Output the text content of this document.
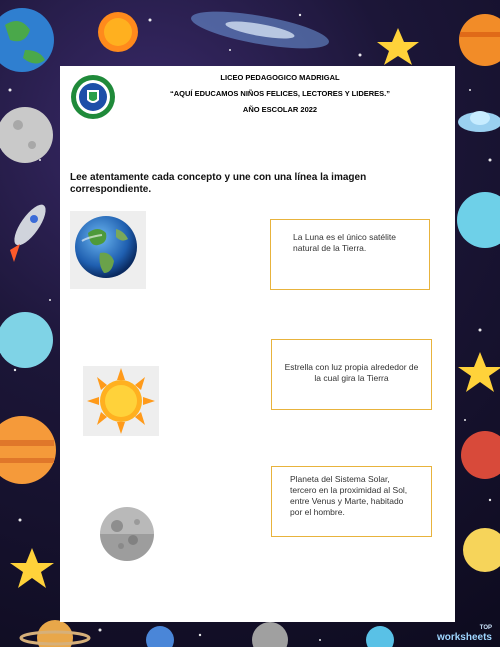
LICEO PEDAGOGICO MADRIGAL
“AQUÍ EDUCAMOS NIÑOS FELICES, LECTORES Y LIDERES.”
AÑO ESCOLAR 2022
Lee atentamente cada concepto y une con una línea la imagen correspondiente.
La Luna es el único satélite natural de la Tierra.
Estrella con luz propia alrededor de la cual gira la Tierra
Planeta del Sistema Solar, tercero en la proximidad al Sol, entre Venus y Marte, habitado por el hombre.
TOP
worksheets
